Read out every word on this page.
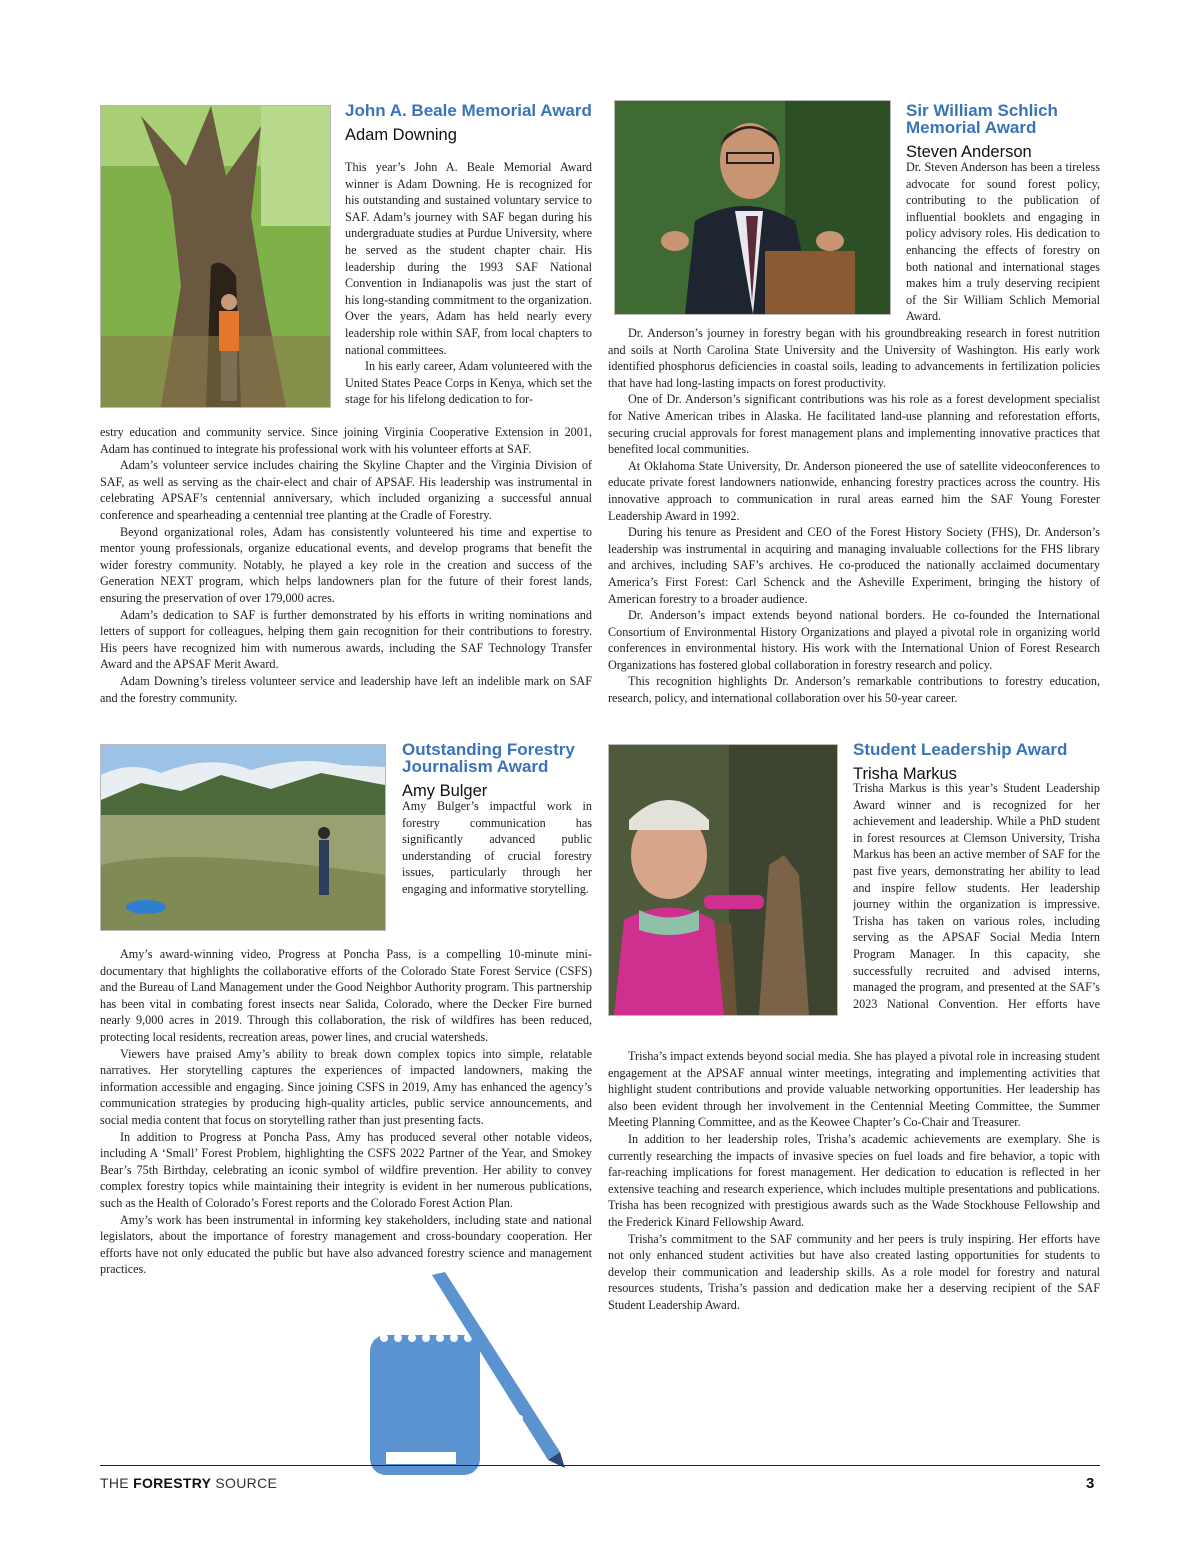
John A. Beale Memorial Award
Adam Downing

This year’s John A. Beale Memorial Award winner is Adam Downing. He is recognized for his outstanding and sustained voluntary service to SAF. Adam’s journey with SAF began during his undergraduate studies at Purdue University, where he served as the student chapter chair. His leadership during the 1993 SAF National Convention in Indianapolis was just the start of his long-standing commitment to the organization. Over the years, Adam has held nearly every leadership role within SAF, from local chapters to national committees.

In his early career, Adam volunteered with the United States Peace Corps in Kenya, which set the stage for his lifelong dedication to for-

estry education and community service. Since joining Virginia Cooperative Extension in 2001, Adam has continued to integrate his professional work with his volunteer efforts at SAF.

Adam’s volunteer service includes chairing the Skyline Chapter and the Virginia Division of SAF, as well as serving as the chair-elect and chair of APSAF. His leadership was instrumental in celebrating APSAF’s centennial anniversary, which included organizing a successful annual conference and spearheading a centennial tree planting at the Cradle of Forestry.

Beyond organizational roles, Adam has consistently volunteered his time and expertise to mentor young professionals, organize educational events, and develop programs that benefit the wider forestry community. Notably, he played a key role in the creation and success of the Generation NEXT program, which helps landowners plan for the future of their forest lands, ensuring the preservation of over 179,000 acres.

Adam’s dedication to SAF is further demonstrated by his efforts in writing nominations and letters of support for colleagues, helping them gain recognition for their contributions to forestry. His peers have recognized him with numerous awards, including the SAF Technology Transfer Award and the APSAF Merit Award.

Adam Downing’s tireless volunteer service and leadership have left an indelible mark on SAF and the forestry community.

Sir William Schlich Memorial Award
Steven Anderson

Dr. Steven Anderson has been a tireless advocate for sound forest policy, contributing to the publication of influential booklets and engaging in policy advisory roles. His dedication to enhancing the effects of forestry on both national and international stages makes him a truly deserving recipient of the Sir William Schlich Memorial Award.

Dr. Anderson’s journey in forestry began with his groundbreaking research in forest nutrition and soils at North Carolina State University and the University of Washington. His early work identified phosphorus deficiencies in coastal soils, leading to advancements in fertilization policies that have had long-lasting impacts on forest productivity.

One of Dr. Anderson’s significant contributions was his role as a forest development specialist for Native American tribes in Alaska. He facilitated land-use planning and reforestation efforts, securing crucial approvals for forest management plans and implementing innovative practices that benefited local communities.

At Oklahoma State University, Dr. Anderson pioneered the use of satellite videoconferences to educate private forest landowners nationwide, enhancing forestry practices across the country. His innovative approach to communication in rural areas earned him the SAF Young Forester Leadership Award in 1992.

During his tenure as President and CEO of the Forest History Society (FHS), Dr. Anderson’s leadership was instrumental in acquiring and managing invaluable collections for the FHS library and archives, including SAF’s archives. He co-produced the nationally acclaimed documentary America’s First Forest: Carl Schenck and the Asheville Experiment, bringing the history of American forestry to a broader audience.

Dr. Anderson’s impact extends beyond national borders. He co-founded the International Consortium of Environmental History Organizations and played a pivotal role in organizing world conferences in environmental history. His work with the International Union of Forest Research Organizations has fostered global collaboration in forestry research and policy.

This recognition highlights Dr. Anderson’s remarkable contributions to forestry education, research, policy, and international collaboration over his 50-year career.

Outstanding Forestry Journalism Award
Amy Bulger

Amy Bulger’s impactful work in forestry communication has significantly advanced public understanding of crucial forestry issues, particularly through her engaging and informative storytelling.

Amy’s award-winning video, Progress at Poncha Pass, is a compelling 10-minute mini-documentary that highlights the collaborative efforts of the Colorado State Forest Service (CSFS) and the Bureau of Land Management under the Good Neighbor Authority program. This partnership has been vital in combating forest insects near Salida, Colorado, where the Decker Fire burned nearly 9,000 acres in 2019. Through this collaboration, the risk of wildfires has been reduced, protecting local residents, recreation areas, power lines, and crucial watersheds.

Viewers have praised Amy’s ability to break down complex topics into simple, relatable narratives. Her storytelling captures the experiences of impacted landowners, making the information accessible and engaging. Since joining CSFS in 2019, Amy has enhanced the agency’s communication strategies by producing high-quality articles, public service announcements, and social media content that focus on storytelling rather than just presenting facts.

In addition to Progress at Poncha Pass, Amy has produced several other notable videos, including A ‘Small’ Forest Problem, highlighting the CSFS 2022 Partner of the Year, and Smokey Bear’s 75th Birthday, celebrating an iconic symbol of wildfire prevention. Her ability to convey complex forestry topics while maintaining their integrity is evident in her numerous publications, such as the Health of Colorado’s Forest reports and the Colorado Forest Action Plan.

Amy’s work has been instrumental in informing key stakeholders, including state and national legislators, about the importance of forestry management and cross-boundary cooperation. Her efforts have not only educated the public but have also advanced forestry science and management practices.

Student Leadership Award
Trisha Markus

Trisha Markus is this year’s Student Leadership Award winner and is recognized for her achievement and leadership. While a PhD student in forest resources at Clemson University, Trisha Markus has been an active member of SAF for the past five years, demonstrating her ability to lead and inspire fellow students. Her leadership journey within the organization is impressive. Trisha has taken on various roles, including serving as the APSAF Social Media Intern Program Manager. In this capacity, she successfully recruited and advised interns, managed the program, and presented at the SAF’s 2023 National Convention. Her efforts have

Trisha’s impact extends beyond social media. She has played a pivotal role in increasing student engagement at the APSAF annual winter meetings, integrating and implementing activities that highlight student contributions and provide valuable networking opportunities. Her leadership has also been evident through her involvement in the Centennial Meeting Committee, the Summer Meeting Planning Committee, and as the Keowee Chapter’s Co-Chair and Treasurer.

In addition to her leadership roles, Trisha’s academic achievements are exemplary. She is currently researching the impacts of invasive species on fuel loads and fire behavior, a topic with far-reaching implications for forest management. Her dedication to education is reflected in her extensive teaching and research experience, which includes multiple presentations and publications. Trisha has been recognized with prestigious awards such as the Wade Stockhouse Fellowship and the Frederick Kinard Fellowship Award.

Trisha’s commitment to the SAF community and her peers is truly inspiring. Her efforts have not only enhanced student activities but have also created lasting opportunities for students to develop their communication and leadership skills. As a role model for forestry and natural resources students, Trisha’s passion and dedication make her a deserving recipient of the SAF Student Leadership Award.

THE FORESTRY SOURCE	3
